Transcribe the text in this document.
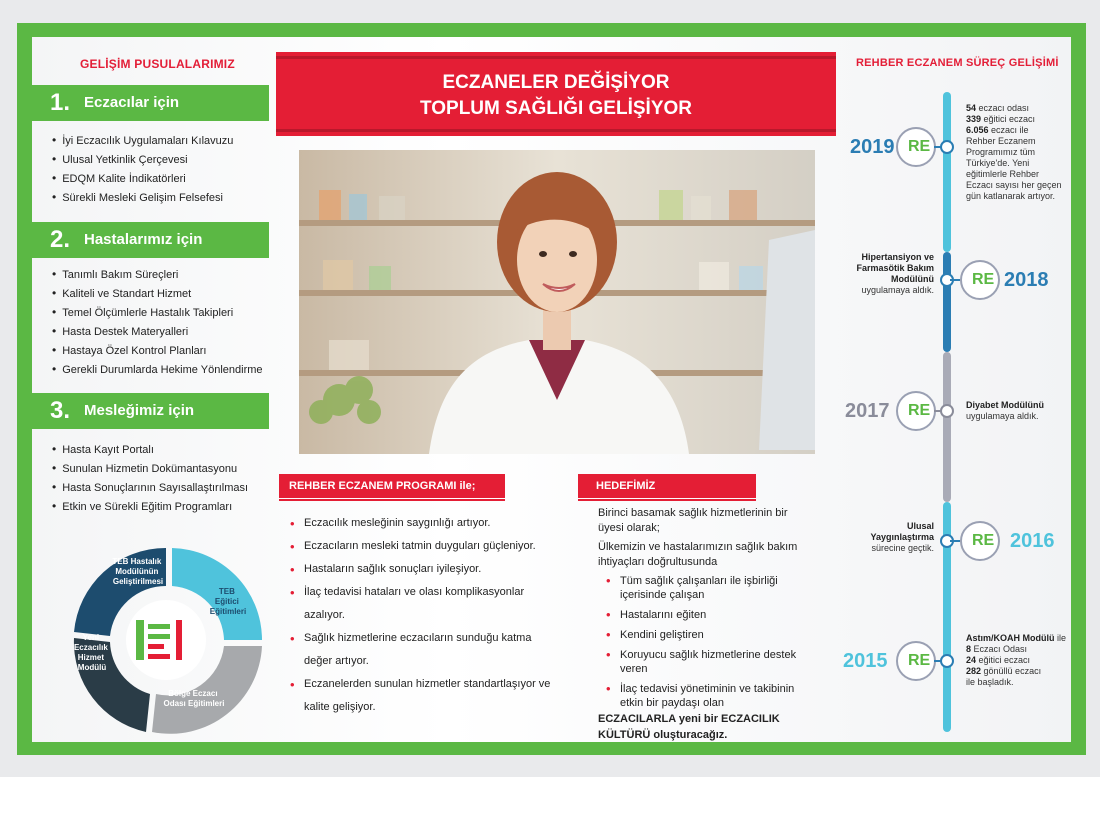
GELİŞİM PUSULALARIMIZ
1. Eczacılar için
• İyi Eczacılık Uygulamaları Kılavuzu
• Ulusal Yetkinlik Çerçevesi
• EDQM Kalite İndikatörleri
• Sürekli Mesleki Gelişim Felsefesi
2. Hastalarımız için
• Tanımlı Bakım Süreçleri
• Kaliteli ve Standart Hizmet
• Temel Ölçümlerle Hastalık Takipleri
• Hasta Destek Materyalleri
• Hastaya Özel Kontrol Planları
• Gerekli Durumlarda Hekime Yönlendirme
3. Mesleğimiz için
• Hasta Kayıt Portalı
• Sunulan Hizmetin Dokümantasyonu
• Hasta Sonuçlarının Sayısallaştırılması
• Etkin ve Sürekli Eğitim Programları
TEB Hastalık Modülünün Geliştirilmesi
TEB Eğitici Eğitimleri
Bölge Eczacı Odası Eğitimleri
Yeni Eczacılık Hizmet Modülü
ECZANELER DEĞİŞİYOR
TOPLUM SAĞLIĞI GELİŞİYOR
REHBER ECZANEM PROGRAMI ile;
• Eczacılık mesleğinin saygınlığı artıyor.
• Eczacıların mesleki tatmin duyguları güçleniyor.
• Hastaların sağlık sonuçları iyileşiyor.
• İlaç tedavisi hataları ve olası komplikasyonlar azalıyor.
• Sağlık hizmetlerine eczacıların sunduğu katma değer artıyor.
• Eczanelerden sunulan hizmetler standartlaşıyor ve kalite gelişiyor.
HEDEFİMİZ
Birinci basamak sağlık hizmetlerinin bir üyesi olarak;
Ülkemizin ve hastalarımızın sağlık bakım ihtiyaçları doğrultusunda
• Tüm sağlık çalışanları ile işbirliği içerisinde çalışan
• Hastalarını eğiten
• Kendini geliştiren
• Koruyucu sağlık hizmetlerine destek veren
• İlaç tedavisi yönetiminin ve takibinin etkin bir paydaşı olan
ECZACILARLA yeni bir ECZACILIK KÜLTÜRÜ oluşturacağız.
REHBER ECZANEM SÜREÇ GELİŞİMİ
2019 RE
54 eczacı odası
339 eğitici eczacı
6.056 eczacı ile
Rehber Eczanem Programımız tüm Türkiye'de. Yeni eğitimlerle Rehber Eczacı sayısı her geçen gün katlanarak artıyor.
Hipertansiyon ve Farmasötik Bakım Modülünü
uygulamaya aldık.
RE 2018
2017 RE	Diyabet Modülünü
uygulamaya aldık.
Ulusal Yaygınlaştırma
sürecine geçtik. RE 2016
2015 RE
Astım/KOAH Modülü ile
8 Eczacı Odası
24 eğitici eczacı
282 gönüllü eczacı
ile başladık.
